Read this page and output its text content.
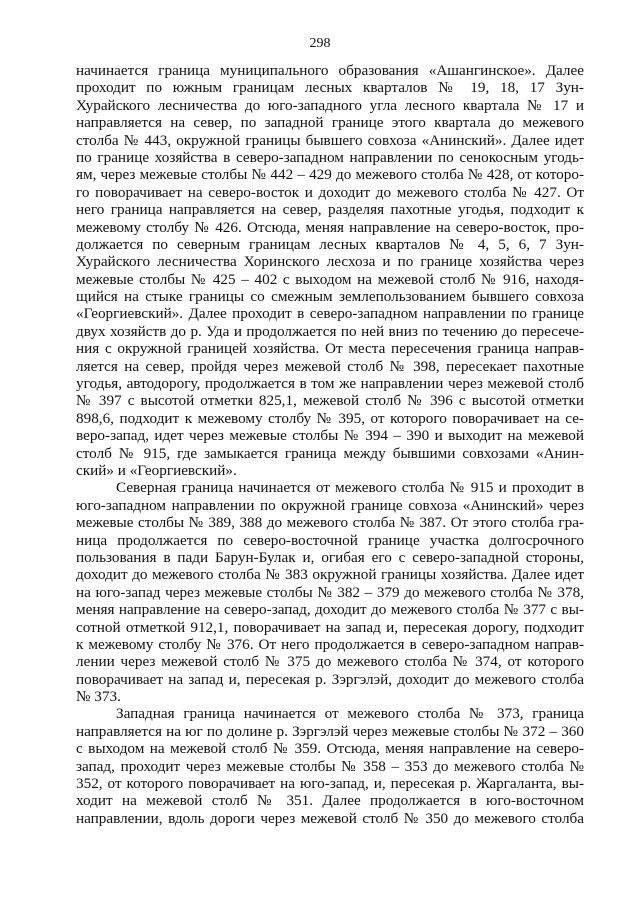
298
начинается граница муниципального образования «Ашангинское». Далее
проходит по южным границам лесных кварталов № 19, 18, 17 Зун-
Хурайского лесничества до юго-западного угла лесного квартала № 17 и
направляется на север, по западной границе этого квартала до межевого
столба № 443, окружной границы бывшего совхоза «Анинский». Далее идет
по границе хозяйства в северо-западном направлении по сенокосным угодь-
ям, через межевые столбы № 442 – 429 до межевого столба № 428, от которо-
го поворачивает на северо-восток и доходит до межевого столба № 427. От
него граница направляется на север, разделяя пахотные угодья, подходит к
межевому столбу № 426. Отсюда, меняя направление на северо-восток, про-
должается по северным границам лесных кварталов № 4, 5, 6, 7 Зун-
Хурайского лесничества Хоринского лесхоза и по границе хозяйства через
межевые столбы № 425 – 402 с выходом на межевой столб № 916, находя-
щийся на стыке границы со смежным землепользованием бывшего совхоза
«Георгиевский». Далее проходит в северо-западном направлении по границе
двух хозяйств до р. Уда и продолжается по ней вниз по течению до пересече-
ния с окружной границей хозяйства. От места пересечения граница направ-
ляется на север, пройдя через межевой столб № 398, пересекает пахотные
угодья, автодорогу, продолжается в том же направлении через межевой столб
№ 397 с высотой отметки 825,1, межевой столб № 396 с высотой отметки
898,6, подходит к межевому столбу № 395, от которого поворачивает на се-
веро-запад, идет через межевые столбы № 394 – 390 и выходит на межевой
столб № 915, где замыкается граница между бывшими совхозами «Анин-
ский» и «Георгиевский».
Северная граница начинается от межевого столба № 915 и проходит в
юго-западном направлении по окружной границе совхоза «Анинский» через
межевые столбы № 389, 388 до межевого столба № 387. От этого столба гра-
ница продолжается по северо-восточной границе участка долгосрочного
пользования в пади Барун-Булак и, огибая его с северо-западной стороны,
доходит до межевого столба № 383 окружной границы хозяйства. Далее идет
на юго-запад через межевые столбы № 382 – 379 до межевого столба № 378,
меняя направление на северо-запад, доходит до межевого столба № 377 с вы-
сотной отметкой 912,1, поворачивает на запад и, пересекая дорогу, подходит
к межевому столбу № 376. От него продолжается в северо-западном направ-
лении через межевой столб № 375 до межевого столба № 374, от которого
поворачивает на запад и, пересекая р. Зэргэлэй, доходит до межевого столба
№ 373.
Западная граница начинается от межевого столба № 373, граница
направляется на юг по долине р. Зэргэлэй через межевые столбы № 372 – 360
с выходом на межевой столб № 359. Отсюда, меняя направление на северо-
запад, проходит через межевые столбы № 358 – 353 до межевого столба №
352, от которого поворачивает на юго-запад, и, пересекая р. Жаргаланта, вы-
ходит на межевой столб № 351. Далее продолжается в юго-восточном
направлении, вдоль дороги через межевой столб № 350 до межевого столба
